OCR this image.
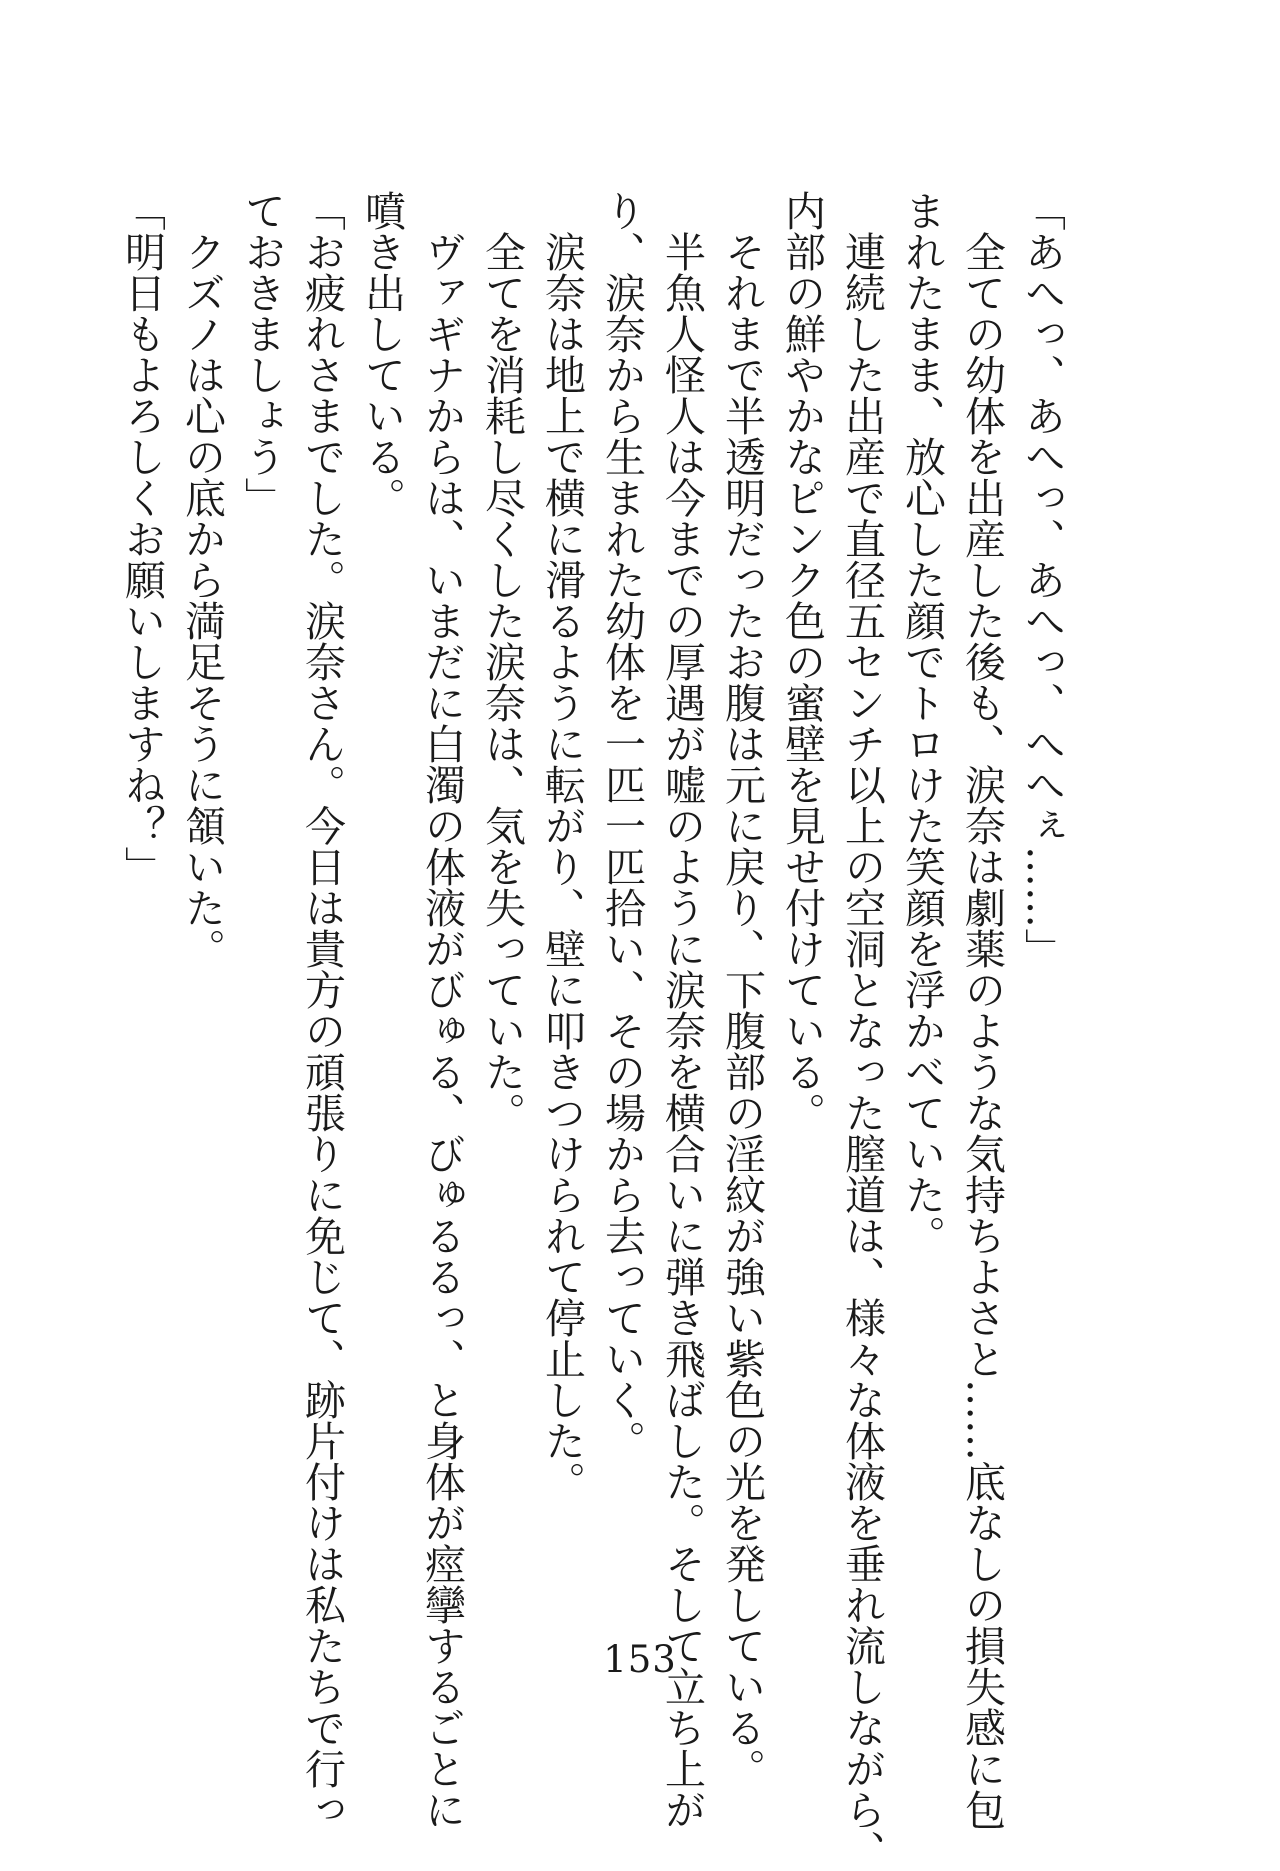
「あへっ、あへっ、あへっ、へへぇ……」
　全ての幼体を出産した後も、涙奈は劇薬のような気持ちよさと……底なしの損失感に包
まれたまま、放心した顔でトロけた笑顔を浮かべていた。
　連続した出産で直径五センチ以上の空洞となった膣道は、様々な体液を垂れ流しながら、
内部の鮮やかなピンク色の蜜壁を見せ付けている。
　それまで半透明だったお腹は元に戻り、下腹部の淫紋が強い紫色の光を発している。
　半魚人怪人は今までの厚遇が嘘のように涙奈を横合いに弾き飛ばした。そして立ち上が
り、涙奈から生まれた幼体を一匹一匹拾い、その場から去っていく。
　涙奈は地上で横に滑るように転がり、壁に叩きつけられて停止した。
　全てを消耗し尽くした涙奈は、気を失っていた。
　ヴァギナからは、いまだに白濁の体液がびゅる、びゅるるっ、と身体が痙攣するごとに
噴き出している。
「お疲れさまでした。涙奈さん。今日は貴方の頑張りに免じて、跡片付けは私たちで行っ
ておきましょう」
　クズノは心の底から満足そうに頷いた。
「明日もよろしくお願いしますね？」
153
